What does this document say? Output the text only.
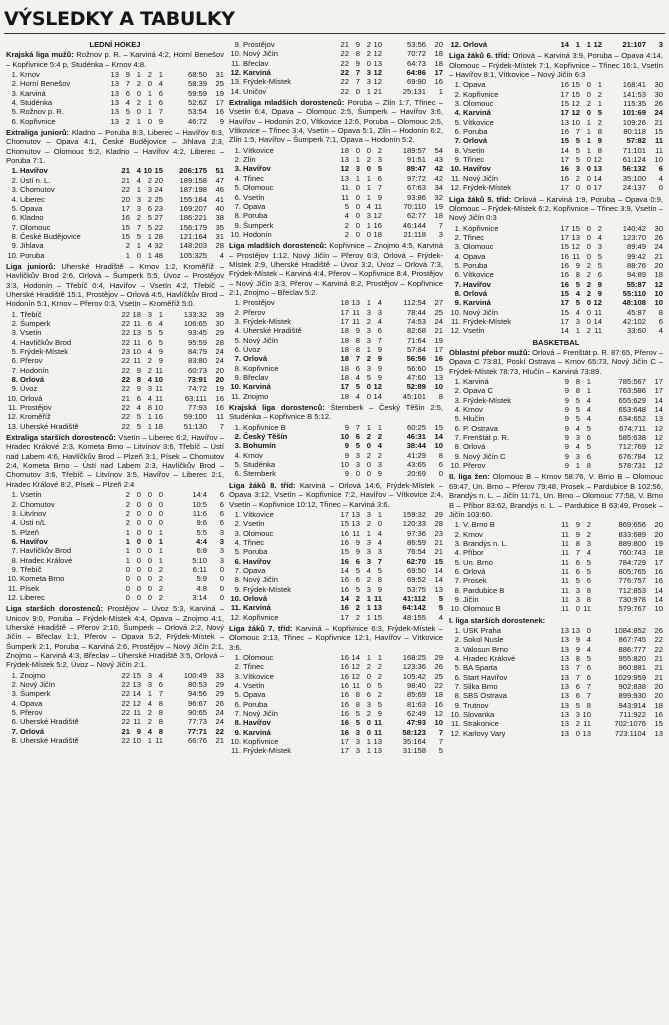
VÝSLEDKY A TABULKY
LEDNÍ HOKEJ

Krajská liga mužů: Rožnov p. R. – Karviná 4:2, Horní Benešov – Kopřivnice 5:4 p, Studénka – Krnov 4:8.

1.	Krnov	13	9	1	2	1	68:50	31
2.	Horní Benešov	13	7	2	0	4	58:39	25
3.	Karviná	13	6	0	1	6	59:59	19
4.	Studénka	13	4	2	1	6	52:62	17
5.	Rožnov p. R.	13	5	0	1	7	53:54	16
6.	Kopřivnice	13	2	1	0	9	46:72	9

Extraliga juniorů: Kladno – Poruba 8:3, Liberec – Havířov 6:3, Chomutov – Opava 4:1, České Budějovice – Jihlava 2:3, Chomutov – Olomouc 5:2, Kladno – Havířov 4:2, Liberec – Poruba 7:1.

1.	Havířov	21	4	10	15	206:175	51
2.	Ústí n. L.	21	4	2	20	189:158	47
3.	Chomutov	22	1	3	24	187:198	46
4.	Liberec	20	3	2	25	155:184	41
5.	Opava	17	3	6	23	169:207	40
6.	Kladno	16	2	5	27	186:221	38
7.	Olomouc	15	7	5	22	156:179	35
8.	České Budějovice	15	5	1	28	121:164	31
9.	Jihlava	2	1	4	32	148:203	28
10.	Poruba	1	0	1	48	105:325	4

Liga juniorů: Uherské Hradiště – Krnov 1:2, Kroměříž – Havlíčkův Brod 2:6, Orlová – Šumperk 5:5, Úvoz – Prostějov 3:3, Hodonín – Třebíč 0:4, Havířov – Vsetín 4:2, Třebíč – Uherské Hradiště 15:1, Prostějov – Orlová 4:5, Havlíčkův Brod – Hodonín 5:1, Krnov – Přerov 0:3, Vsetín – Kroměříž 5:0.

1.	Třebíč	22	18	3	1	133:32	39
2.	Šumperk	22	11	6	4	106:65	30
3.	Vsetín	22	13	5	5	93:45	29
4.	Havlíčkův Brod	22	11	6	5	95:59	28
5.	Frýdek-Místek	23	10	4	9	84:79	24
6.	Přerov	22	11	2	9	83:80	24
7.	Hodonín	22	9	2	11	60:73	20
8.	Orlová	22	8	4	10	73:91	20
9.	Úvoz	22	9	3	11	74:72	19
10.	Orlová	21	6	4	11	63:111	16
11.	Prostějov	22	4	8	10	77:93	16
12.	Kroměříž	22	5	1	16	59:100	11
13.	Uherské Hradiště	22	5	1	18	51:130	7

Extraliga starších dorostenců: Vsetín – Liberec 6:2, Havířov – Hradec Králové 2:3, Kometa Brno – Litvínov 3:6, Třebíč – Ústí nad Labem 4:6, Havlíčkův Brod – Plzeň 3:1, Písek – Chomutov 2:4, Kometa Brno – Ústí nad Labem 2:3, Havlíčkův Brod – Chomutov 3:6, Třebíč – Litvínov 3:5, Havířov – Liberec 2:1, Hradec Králové 8:2, Písek – Plzeň 2:4

1.	Vsetín	2	0	0	0	14:4	6
2.	Chomutov	2	0	0	0	10:5	6
3.	Litvínov	2	0	0	0	11:6	6
4.	Ústí n/L	2	0	0	0	9:6	6
5.	Plzeň	1	0	0	1	5:5	3
6.	Havířov	1	0	0	1	4:4	3
7.	Havlíčkův Brod	1	0	0	1	6:8	3
8.	Hradec Králové	1	0	0	1	5:10	3
9.	Třebíč	0	0	0	2	6:11	0
10.	Kometa Brno	0	0	0	2	5:9	0
11.	Písek	0	0	0	2	4:8	0
12.	Liberec	0	0	0	2	3:14	0

Liga starších dorostenců: Prostějov – Úvoz 5:3, Karviná – Unicov 9:0, Poruba – Frýdek-Místek 4:4, Opava – Znojmo 4:1, Uherské Hradiště – Přerov 2:10, Šumperk – Orlová 2:2, Nový Jičín – Břeclav 1:1, Přerov – Opava 5:2, Frýdek-Místek – Šumperk 2:1, Poruba – Karviná 2:6, Prostějov – Nový Jičín 2:1, Znojmo – Karviná 4:3, Břeclav – Uherské Hradiště 3:5, Orlová – Frýdek-Místek 5:2, Úvoz – Nový Jičín 2:1.

1.	Znojmo	22	15	3	4	100:49	33
2.	Nový Jičín	22	13	3	6	80:53	29
3.	Šumperk	22	14	1	7	94:56	29
4.	Opava	22	12	4	8	96:67	26
5.	Přerov	22	11	2	8	90:65	24
6.	Uherské Hradiště	22	11	2	8	77:73	24
7.	Orlová	21	9	4	8	77:71	22
8.	Uherské Hradiště	22	10	1	11	66:76	21
9.	Prostějov	21	9	2	10	53:56	20
10.	Nový Jičín	22	8	2	12	70:72	18
11.	Břeclav	22	9	0	13	64:73	18
12.	Karviná	22	7	3	12	64:86	17
13.	Frýdek-Místek	22	7	3	12	69:90	16
14.	Uničov	22	0	1	21	25:131	1

Extraliga mladších dorostenců: Poruba – Zlín 1:7, Třinec – Vsetín 6:4, Opava – Olomouc 2:5, Šumperk – Havířov 3:6, Havířov – Hodonín 2:0, Vítkovice 12:6, Poruba – Olomouc 2:5, Vítkovice – Třinec 3:4, Vsetín – Opava 5:1, Zlín – Hodonín 6:2, Zlín 1:5, Havířov – Šumperk 7:1, Opava – Hodonín 5:2.

1.	Vítkovice	18	0	0	2	189:57	54
2.	Zlín	13	1	2	3	91:51	43
3.	Havířov	12	3	0	5	89:47	42
4.	Třinec	13	1	1	6	97:72	42
5.	Olomouc	11	0	1	7	67:63	34
6.	Vsetín	11	0	1	9	93:86	32
7.	Opava	5	0	4	11	70:110	19
8.	Poruba	4	0	3	12	62:77	18
9.	Šumperk	2	0	1	16	46:144	7
10.	Hodonín	2	0	0	18	21:118	3

Liga mladších dorostenců: Kopřivnice – Znojmo 4:5, Karviná – Prostějov 1:12, Nový Jičín – Přerov 6:3, Orlová – Frýdek-Místek 2:9, Uherské Hradiště – Úvoz 3:2, Úvoz – Orlová 7:3, Frýdek-Místek – Karviná 4:4, Přerov – Kopřivnice 8:4, Prostějov – Nový Jičín 3:3, Přerov – Karviná 8:2, Prostějov – Kopřivnice 2:1, Znojmo – Břeclav 5:2.

1.	Prostějov	18	13	1	4	112:54	27
2.	Přerov	17	11	3	3	78:44	25
3.	Frýdek-Místek	17	11	2	4	74:53	24
4.	Uherské Hradiště	18	9	3	6	82:68	21
5.	Nový Jičín	18	8	3	7	71:64	19
6.	Úvoz	18	8	1	9	57:84	17
7.	Orlová	18	7	2	9	56:56	16
8.	Kopřivnice	18	6	3	9	56:60	15
9.	Břeclav	18	4	5	9	47:60	13
10.	Karviná	17	5	0	12	52:89	10
11.	Znojmo	18	4	0	14	45:101	8

Krajská liga dorostenců: Šternberk – Český Těšín 2:5, Studénka – Kopřivnice B 5:12.

1.	Kopřivnice B	9	7	1	1	60:25	15
2.	Český Těšín	10	6	2	2	46:31	14
3.	Bohumín	9	5	0	4	38:44	10
4.	Krnov	9	3	2	2	41:29	8
5.	Studénka	10	3	0	3	43:65	6
6.	Šternberk	9	0	0	9	20:69	0

Liga žáků 8. tříd: Karviná – Orlová 14:6, Frýdek-Místek – Opava 3:12, Vsetín – Kopřivnice 7:2, Havířov – Vítkovice 2:4, Vsetín – Kopřivnice 10:12, Třinec – Karviná 3:6.

1.	Vítkovice	17	13	3	1	159:32	29
2.	Vsetín	15	13	2	0	120:33	28
3.	Olomouc	16	11	1	4	97:36	23
4.	Třinec	16	9	3	4	86:59	21
5.	Poruba	15	9	3	3	76:54	21
6.	Havířov	16	6	3	7	62:70	15
7.	Opava	14	5	4	5	69:50	14
8.	Nový Jičín	16	6	2	8	69:52	14
9.	Frýdek-Místek	16	5	3	9	53:75	13
10.	Orlová	14	2	1	11	41:112	5
11.	Karviná	16	2	1	13	64:142	5
12.	Kopřivnice	17	2	1	15	48:155	4

Liga žáků 7. tříd: Karviná – Kopřivnice 6:3, Frýdek-Místek – Olomouc 2:13, Třinec – Kopřivnice 12:1, Havířov – Vítkovice 3:6.

1.	Olomouc	16	14	1	1	168:25	29
2.	Třinec	16	12	2	2	123:36	26
3.	Vítkovice	16	12	0	2	105:42	25
4.	Vsetín	16	11	0	5	98:40	22
5.	Opava	16	8	6	2	85:69	18
6.	Poruba	16	8	3	5	81:63	16
7.	Nový Jičín	16	5	2	9	62:49	12
8.	Havířov	16	5	0	11	47:93	10
9.	Karviná	16	3	0	11	58:123	7
10.	Kopřivnice	17	3	1	13	35:164	7
11.	Frýdek-Místek	17	3	1	13	31:158	5
12.	Orlová	14	1	1	12	21:107	3

Liga žáků 6. tříd: Orlová – Karviná 3:9, Poruba – Opava 4:14, Olomouc – Frýdek-Místek 7:1, Kopřivnice – Třinec 16:1, Vsetín – Havířov 8:1, Vítkovice – Nový Jičín 6:3

1.	Opava	16	15	0	1	168:41	30
2.	Kopřivnice	17	15	0	2	141:53	30
3.	Olomouc	15	12	2	1	115:35	26
4.	Karviná	17	12	0	5	101:69	24
5.	Vítkovice	13	10	1	2	109:26	21
6.	Poruba	16	7	1	8	80:118	15
7.	Orlová	15	5	1	9	57:82	11
8.	Vsetín	14	5	1	8	71:101	11
9.	Třinec	17	5	0	12	61:124	10
10.	Havířov	16	3	0	13	56:132	6
11.	Nový Jičín	16	2	0	14	35:100	4
12.	Frýdek-Místek	17	0	0	17	24:137	0

Liga žáků 5. tříd: Orlová – Karviná 1:9, Poruba – Opava 0:9, Olomouc – Frýdek-Místek 6:2, Kopřivnice – Třinec 3:9, Vsetín – Nový Jičín 0:3

1.	Kopřivnice	17	15	0	2	140:42	30
2.	Třinec	17	13	0	4	123:70	26
3.	Olomouc	15	12	0	3	89:49	24
4.	Opava	16	11	0	5	99:42	21
5.	Poruba	16	9	2	5	88:76	20
6.	Vítkovice	16	8	2	6	94:89	18
7.	Havířov	16	5	2	9	55:87	12
8.	Orlová	15	4	2	9	55:110	10
9.	Karviná	17	5	0	12	48:108	10
10.	Nový Jičín	15	4	0	11	45:87	8
11.	Frýdek-Místek	17	3	0	14	42:102	6
12.	Vsetín	14	1	2	11	33:60	4
BASKETBAL

Oblastní přebor mužů: Orlová – Frenštát p. R. 87:65, Přerov – Opava C 73:81, Poskí Ostrava – Krnov 65:73, Nový Jičín C – Frýdek-Místek 78:73, Hlučín – Karviná 73:89.

1.	Karviná	9	8	1		785:567	17
2.	Opava C	9	8	1		763:586	17
3.	Frýdek-Místek	9	5	4		655:629	14
4.	Krnov	9	5	4		653:648	14
5.	Hlučín	9	5	4		634:652	13
6.	P. Ostrava	9	4	5		674:711	12
7.	Frenštát p. R.	9	3	6		585:638	12
8.	Orlová	9	4	5		712:769	12
9.	Nový Jičín C	9	3	6		676:784	12
10.	Přerov	9	1	8		578:731	12

II. liga žen: Olomouc B – Krnov 58:76, V. Brno B – Olomouc 69:47, Un. Brno – Přerov 79:48, Prosek – Pardubice B 102:56, Brandýs n. L. – Jičín 11:71, Un. Brno – Olomouc 77:58, V. Brno B – Příbor 83:62, Brandýs n. L. – Pardubice B 63:49, Prosek – Jičín 103:60.

1.	V. Brno B	11	9	2		869:656	20
2.	Krnov	11	9	2		833:689	20
3.	Brandýs n. L.	11	8	3		889:800	19
4.	Příbor	11	7	4		760:743	18
5.	Un. Brno	11	6	5		784:729	17
6.	Orlová	11	6	5		805:765	16
7.	Prosek	11	5	6		776:757	16
8.	Pardubice B	11	3	8		712:853	14
9.	Jičín	11	3	8		730:978	14
10.	Olomouc B	11	0	11		579:767	10

I. liga starších dorostenek:

1.	USK Praha	13	13	0		1084:852	26
2.	Sokol Nusle	13	9	4		867:745	22
3.	Valosun Brno	13	9	4		886:777	22
4.	Hradec Králové	13	8	5		955:820	21
5.	BA Sparta	13	7	6		960:881	21
6.	Start Havířov	13	7	6		1029:959	21
7.	Slika Brno	13	6	7		902:838	20
8.	SBS Ostrava	13	6	7		899:930	20
9.	Trutnov	13	5	8		943:914	18
10.	Slovanka	13	3	10		711:922	16
11.	Strakonice	13	2	11		702:1076	15
12.	Karlovy Vary	13	0	13		723:1104	13
